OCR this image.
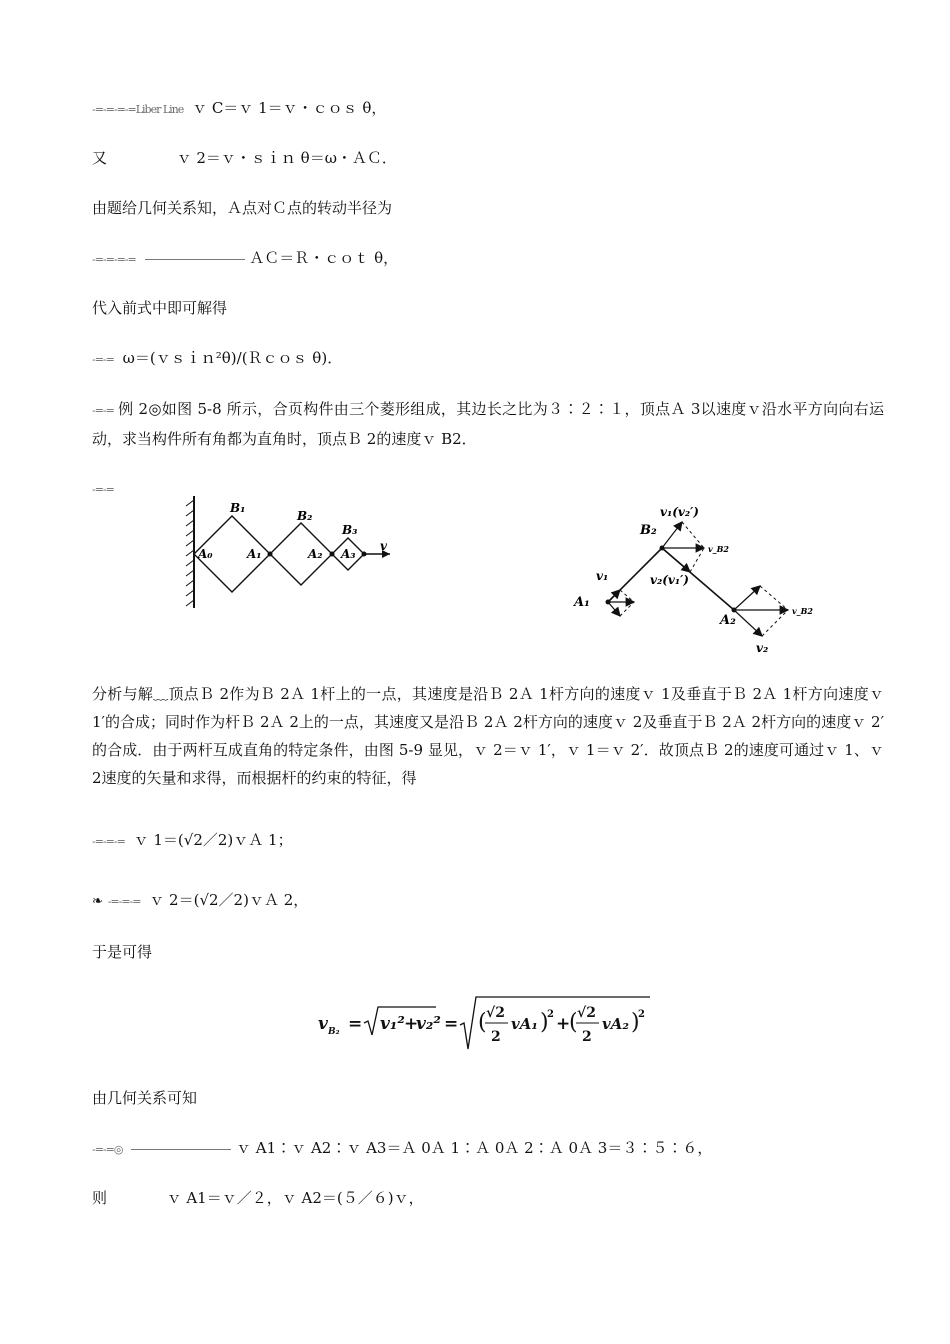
-=-=-=-=Liber Line ｖ C＝ｖ 1＝ｖ・ｃｏｓ θ，
又	ｖ 2＝ｖ・ｓｉｎ θ＝ω・ＡＣ．
由题给几何关系知，Ａ点对Ｃ点的转动半径为
-=-=-=-=	ＡＣ＝Ｒ・ｃｏｔ θ，
代入前式中即可解得
-=-= ω＝(ｖｓｉｎ²θ)/(Ｒｃｏｓ θ)．
-=-= 例 2◎如图 5-8 所示，合页构件由三个菱形组成，其边长之比为３∶２∶１，顶点Ａ 3以速度ｖ沿水平方向向右运动，求当构件所有角都为直角时，顶点Ｂ 2的速度ｖ B2．
-=-=
B₁
B₂
B₃
A₀	A₁	A₂ A₃
v
v₁(v₂′)
B₂
v_B2
v₁	v₂(v₁′)
A₁
A₂
v_B2
v₂
分析与解﹏顶点Ｂ 2作为Ｂ 2Ａ 1杆上的一点，其速度是沿Ｂ 2Ａ 1杆方向的速度ｖ 1及垂直于Ｂ 2Ａ 1杆方向速度ｖ 1′的合成；同时作为杆Ｂ 2Ａ 2上的一点，其速度又是沿Ｂ 2Ａ 2杆方向的速度ｖ 2及垂直于Ｂ 2Ａ 2杆方向的速度ｖ 2′的合成．由于两杆互成直角的特定条件，由图 5-9 显见，ｖ 2＝ｖ 1′，ｖ 1＝ｖ 2′．故顶点Ｂ 2的速度可通过ｖ 1、ｖ 2速度的矢量和求得，而根据杆的约束的特征，得
-=-=-= ｖ 1＝(√2／2)ｖＡ 1；
❧ -=-=-= ｖ 2＝(√2／2)ｖＡ 2，
于是可得
v B₂ = v₁² +
v₂² = ( √2
2
vA₁ )
2 +
( √2
2
vA₂ )
2
由几何关系可知
-=-=◎	ｖ A1∶ｖ A2∶ｖ A3＝Ａ 0Ａ 1∶Ａ 0Ａ 2∶Ａ 0Ａ 3＝３∶５∶６，
则	ｖ A1＝ｖ／２，ｖ A2＝(５／６)ｖ，
